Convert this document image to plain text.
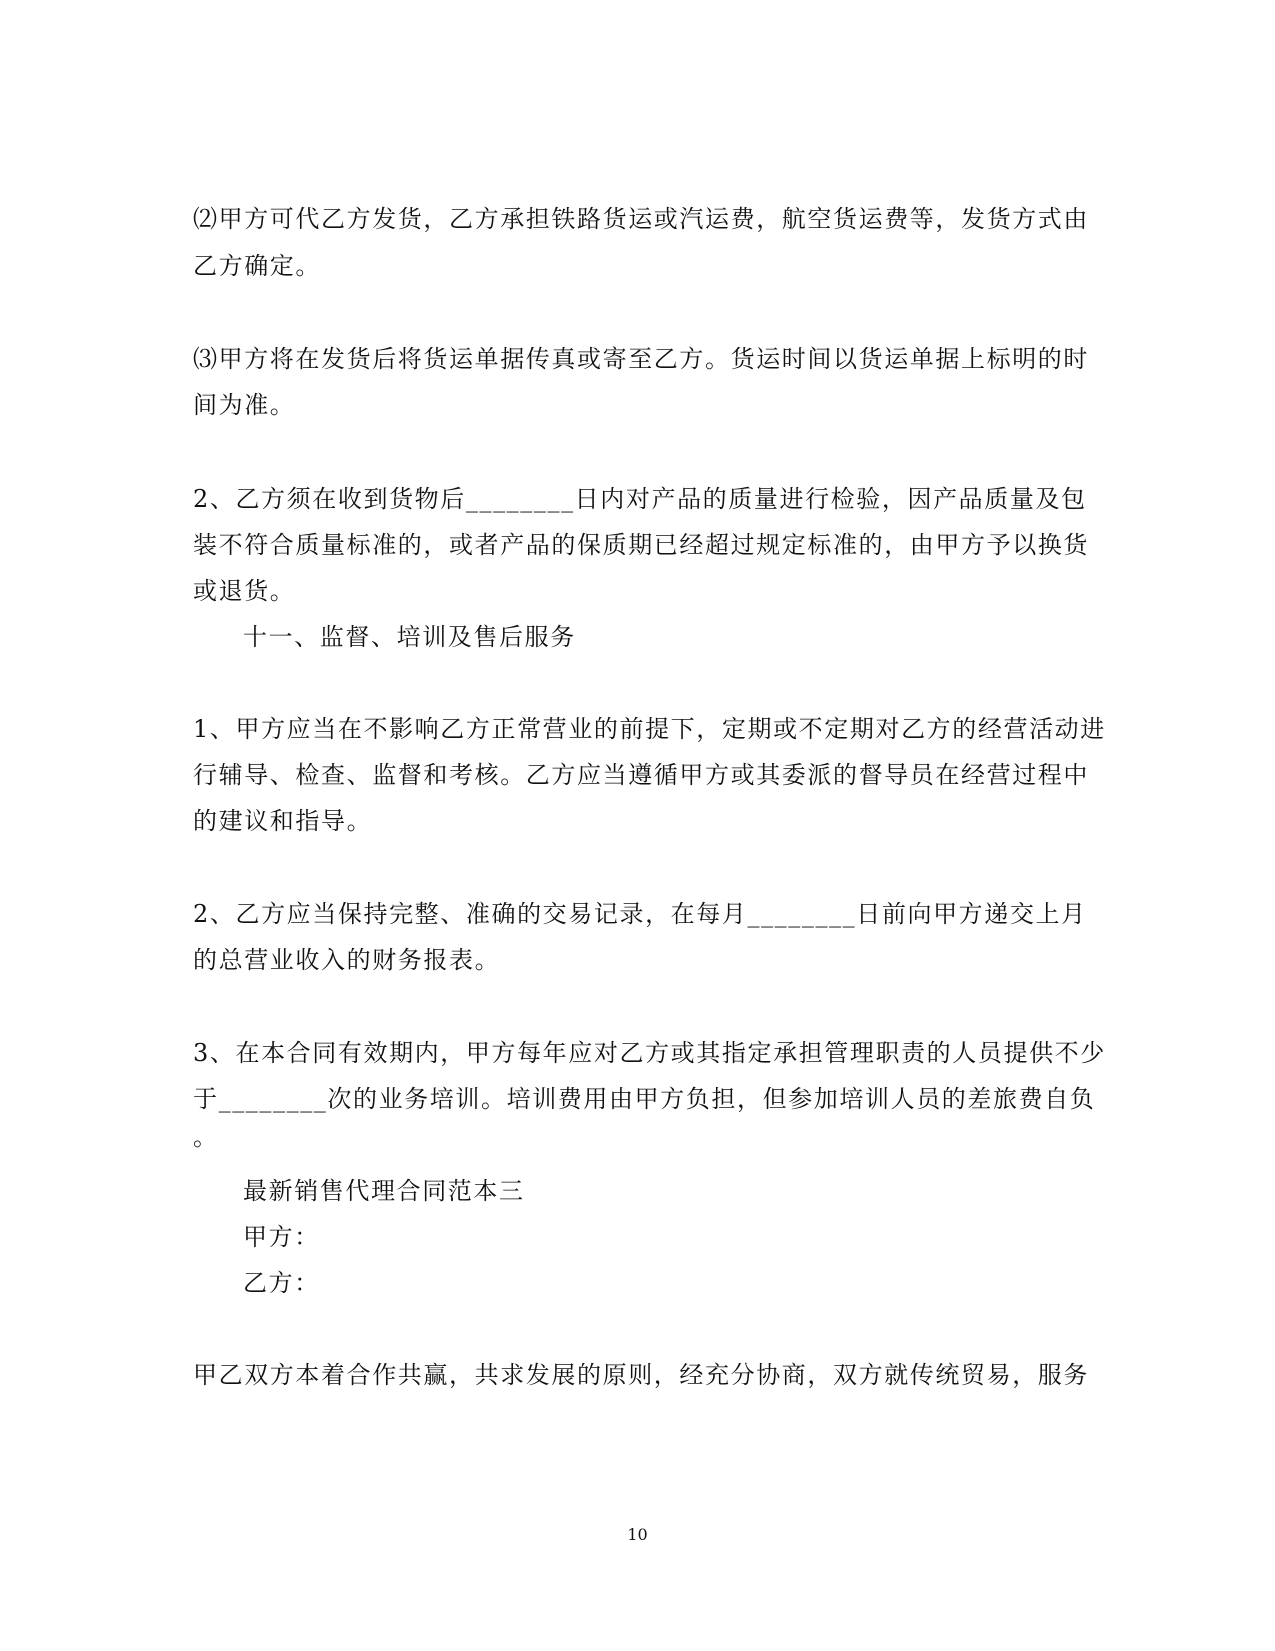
⑵甲方可代乙方发货，乙方承担铁路货运或汽运费，航空货运费等，发货方式由
乙方确定。
⑶甲方将在发货后将货运单据传真或寄至乙方。货运时间以货运单据上标明的时
间为准。
2、乙方须在收到货物后________日内对产品的质量进行检验，因产品质量及包
装不符合质量标准的，或者产品的保质期已经超过规定标准的，由甲方予以换货
或退货。
十一、监督、培训及售后服务
1、甲方应当在不影响乙方正常营业的前提下，定期或不定期对乙方的经营活动进
行辅导、检查、监督和考核。乙方应当遵循甲方或其委派的督导员在经营过程中
的建议和指导。
2、乙方应当保持完整、准确的交易记录，在每月________日前向甲方递交上月
的总营业收入的财务报表。
3、在本合同有效期内，甲方每年应对乙方或其指定承担管理职责的人员提供不少
于________次的业务培训。培训费用由甲方负担，但参加培训人员的差旅费自负
。
最新销售代理合同范本三
甲方：
乙方：
甲乙双方本着合作共赢，共求发展的原则，经充分协商，双方就传统贸易，服务
10
